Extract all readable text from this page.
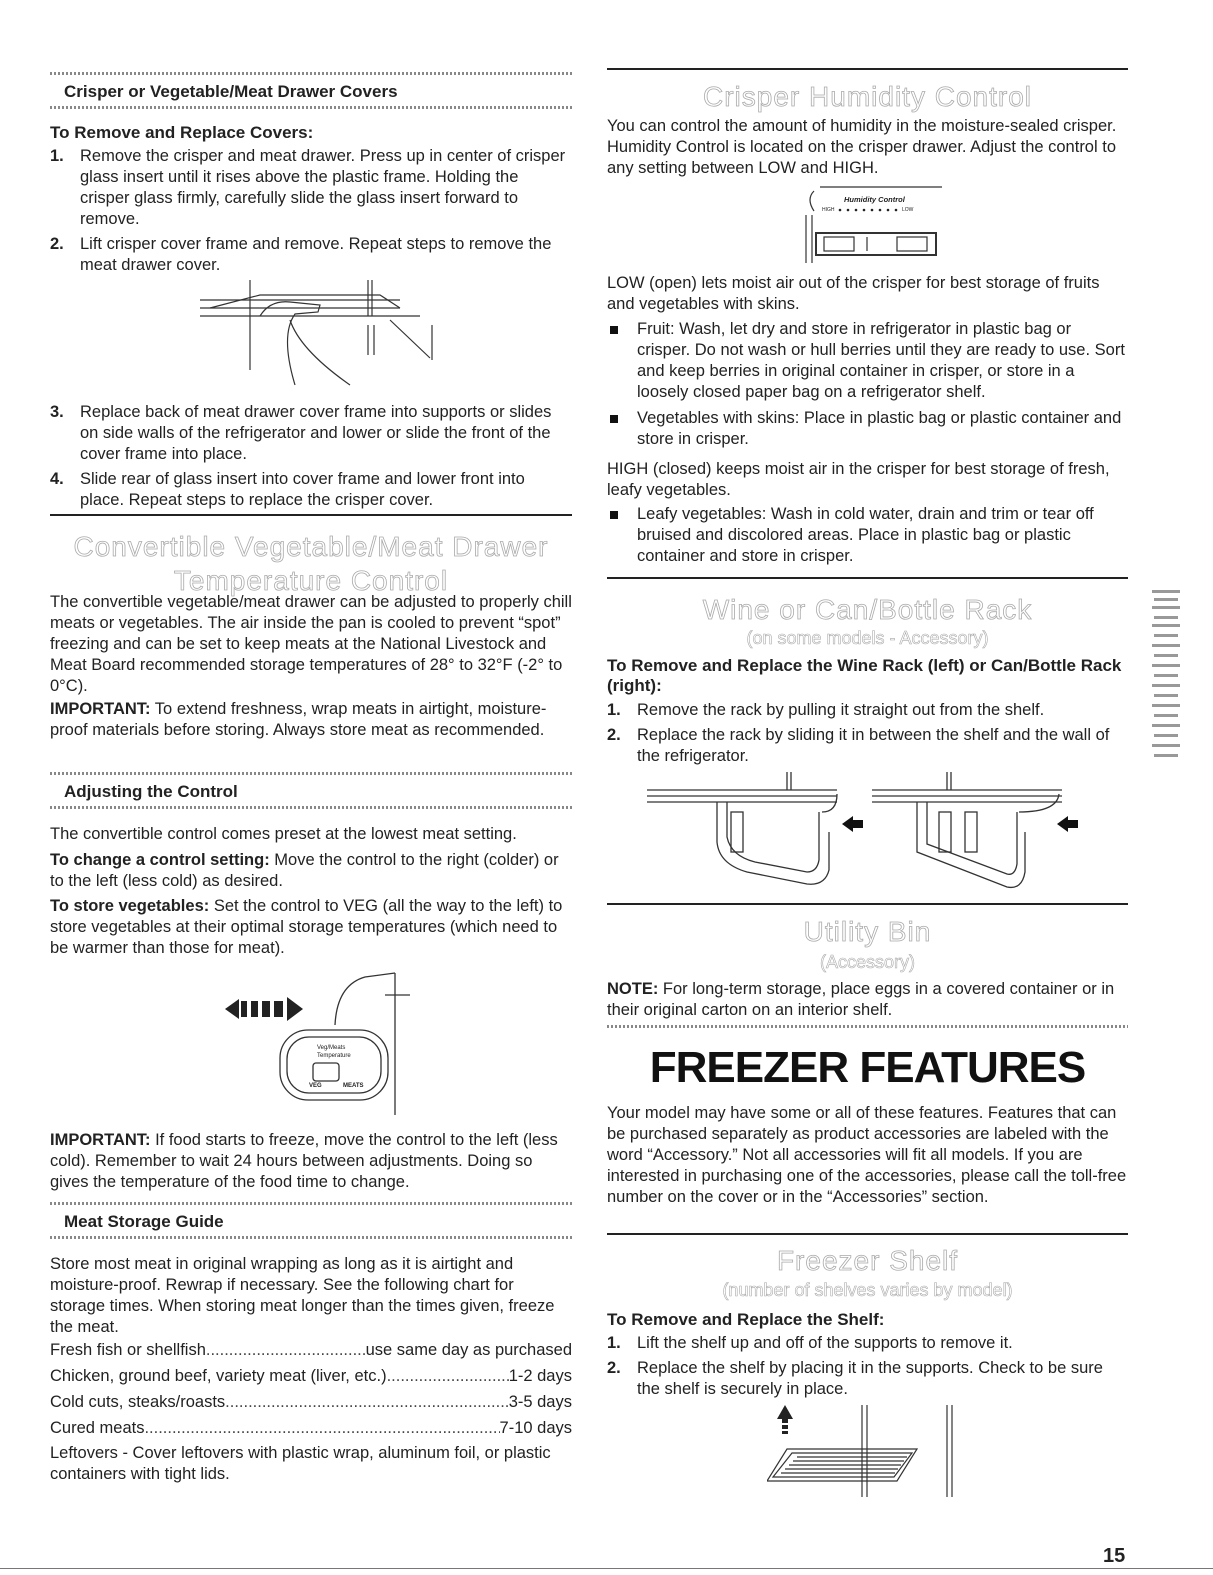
Crisper or Vegetable/Meat Drawer Covers
To Remove and Replace Covers:
1. Remove the crisper and meat drawer. Press up in center of crisper glass insert until it rises above the plastic frame. Holding the crisper glass firmly, carefully slide the glass insert forward to remove.
2. Lift crisper cover frame and remove. Repeat steps to remove the meat drawer cover.
3. Replace back of meat drawer cover frame into supports or slides on side walls of the refrigerator and lower or slide the front of the cover frame into place.
4. Slide rear of glass insert into cover frame and lower front into place. Repeat steps to replace the crisper cover.
Convertible Vegetable/Meat Drawer
Temperature Control

The convertible vegetable/meat drawer can be adjusted to properly chill meats or vegetables. The air inside the pan is cooled to prevent “spot” freezing and can be set to keep meats at the National Livestock and Meat Board recommended storage temperatures of 28° to 32°F (-2° to 0°C).

IMPORTANT: To extend freshness, wrap meats in airtight, moisture-proof materials before storing. Always store meat as recommended.

Adjusting the Control

The convertible control comes preset at the lowest meat setting.

To change a control setting: Move the control to the right (colder) or to the left (less cold) as desired.

To store vegetables: Set the control to VEG (all the way to the left) to store vegetables at their optimal storage temperatures (which need to be warmer than those for meat).

Veg/Meats
Temperature
VEG	MEATS

IMPORTANT: If food starts to freeze, move the control to the left (less cold). Remember to wait 24 hours between adjustments. Doing so gives the temperature of the food time to change.

Meat Storage Guide

Store most meat in original wrapping as long as it is airtight and moisture-proof. Rewrap if necessary. See the following chart for storage times. When storing meat longer than the times given, freeze the meat.

Fresh fish or shellfish .....	use same day as purchased
Chicken, ground beef, variety meat (liver, etc.) .....	1-2 days
Cold cuts, steaks/roasts .....	3-5 days
Cured meats .....	7-10 days

Leftovers - Cover leftovers with plastic wrap, aluminum foil, or plastic containers with tight lids.

Crisper Humidity Control

You can control the amount of humidity in the moisture-sealed crisper. Humidity Control is located on the crisper drawer. Adjust the control to any setting between LOW and HIGH.

Humidity Control
HIGH	LOW

LOW (open) lets moist air out of the crisper for best storage of fruits and vegetables with skins.

Fruit: Wash, let dry and store in refrigerator in plastic bag or crisper. Do not wash or hull berries until they are ready to use. Sort and keep berries in original container in crisper, or store in a loosely closed paper bag on a refrigerator shelf.
Vegetables with skins: Place in plastic bag or plastic container and store in crisper.

HIGH (closed) keeps moist air in the crisper for best storage of fresh, leafy vegetables.

Leafy vegetables: Wash in cold water, drain and trim or tear off bruised and discolored areas. Place in plastic bag or plastic container and store in crisper.
Wine or Can/Bottle Rack
(on some models - Accessory)
To Remove and Replace the Wine Rack (left) or Can/Bottle Rack (right):
1. Remove the rack by pulling it straight out from the shelf.
2. Replace the rack by sliding it in between the shelf and the wall of the refrigerator.
Utility Bin
(Accessory)

NOTE: For long-term storage, place eggs in a covered container or in their original carton on an interior shelf.

FREEZER FEATURES

Your model may have some or all of these features. Features that can be purchased separately as product accessories are labeled with the word “Accessory.” Not all accessories will fit all models. If you are interested in purchasing one of the accessories, please call the toll-free number on the cover or in the “Accessories” section.

Freezer Shelf
(number of shelves varies by model)
To Remove and Replace the Shelf:
1. Lift the shelf up and off of the supports to remove it.
2. Replace the shelf by placing it in the supports. Check to be sure the shelf is securely in place.
15
